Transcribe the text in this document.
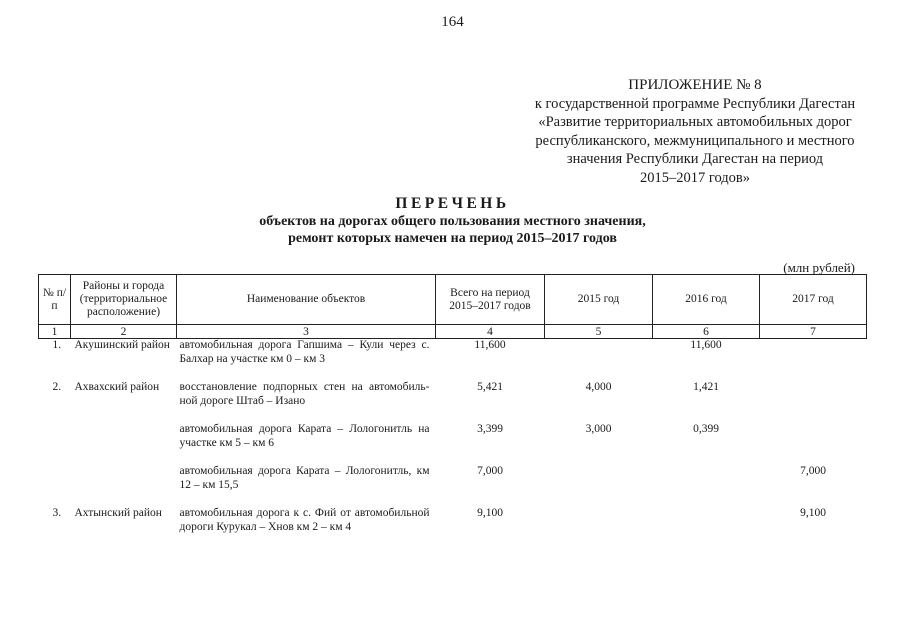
164
ПРИЛОЖЕНИЕ № 8
к государственной программе Республики Дагестан
«Развитие территориальных автомобильных дорог
республиканского, межмуниципального и местного
значения Республики Дагестан на период
2015–2017 годов»
ПЕРЕЧЕНЬ
объектов на дорогах общего пользования местного значения,
ремонт которых намечен на период 2015–2017 годов
(млн рублей)
№ п/п	Районы и города (территориальное расположение)	Наименование объектов	Всего на период 2015–2017 годов	2015 год	2016 год	2017 год
1	2	3	4	5	6	7
1.	Акушинский район	автомобильная дорога Гапшима – Кули через с. Балхар на участке км 0 – км 3	11,600		11,600	
2.	Ахвахский район	восстановление подпорных стен на автомобильной дороге Штаб – Изано	5,421	4,000	1,421	
		автомобильная дорога Карата – Лологонитль на участке км 5 – км 6	3,399	3,000	0,399	
		автомобильная дорога Карата – Лологонитль, км 12 – км 15,5	7,000			7,000
3.	Ахтынский район	автомобильная дорога к с. Фий от автомобильной дороги Курукал – Хнов км 2 – км 4	9,100			9,100
